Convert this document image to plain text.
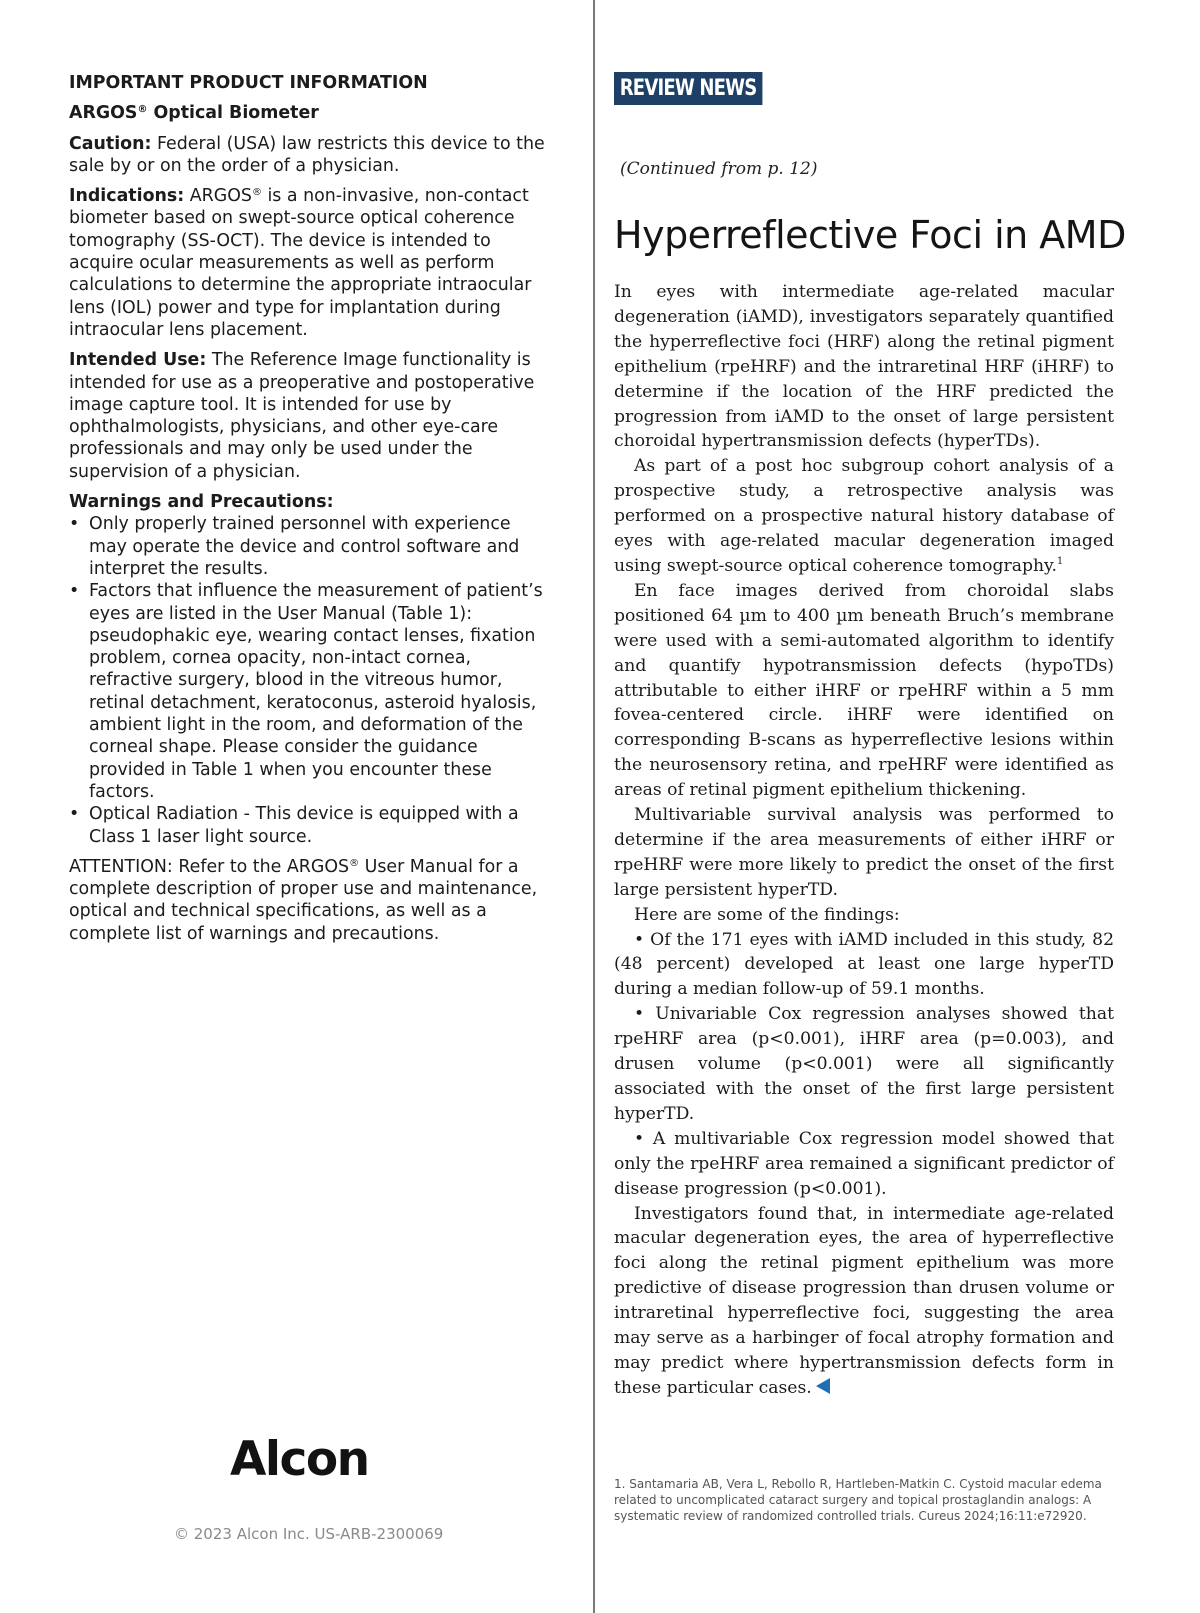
IMPORTANT PRODUCT INFORMATION

ARGOS® Optical Biometer

Caution: Federal (USA) law restricts this device to the sale by or on the order of a physician.

Indications: ARGOS® is a non-invasive, non-contact biometer based on swept-source optical coherence tomography (SS-OCT). The device is intended to acquire ocular measurements as well as perform calculations to determine the appropriate intraocular lens (IOL) power and type for implantation during intraocular lens placement.

Intended Use: The Reference Image functionality is intended for use as a preoperative and postoperative image capture tool. It is intended for use by ophthalmologists, physicians, and other eye-care professionals and may only be used under the supervision of a physician.

Warnings and Precautions:

• Only properly trained personnel with experience may operate the device and control software and interpret the results.
• Factors that influence the measurement of patient’s eyes are listed in the User Manual (Table 1): pseudophakic eye, wearing contact lenses, fixation problem, cornea opacity, non-intact cornea, refractive surgery, blood in the vitreous humor, retinal detachment, keratoconus, asteroid hyalosis, ambient light in the room, and deformation of the corneal shape. Please consider the guidance provided in Table 1 when you encounter these factors.
• Optical Radiation - This device is equipped with a Class 1 laser light source.

ATTENTION: Refer to the ARGOS® User Manual for a complete description of proper use and maintenance, optical and technical specifications, as well as a complete list of warnings and precautions.

Alcon
© 2023 Alcon Inc. US-ARB-2300069
REVIEW NEWS
(Continued from p. 12)
Hyperreflective Foci in AMD

In eyes with intermediate age-related macular degeneration (iAMD), investigators separately quantified the hyperreflective foci (HRF) along the retinal pigment epithelium (rpeHRF) and the intraretinal HRF (iHRF) to determine if the location of the HRF predicted the progression from iAMD to the onset of large persistent choroidal hypertransmission defects (hyperTDs).

As part of a post hoc subgroup cohort analysis of a prospective study, a retrospective analysis was performed on a prospective natural history database of eyes with age-related macular degeneration imaged using swept-source optical coherence tomography.$^1$

En face images derived from choroidal slabs positioned 64 µm to 400 µm beneath Bruch’s membrane were used with a semi-automated algorithm to identify and quantify hypotransmission defects (hypoTDs) attributable to either iHRF or rpeHRF within a 5 mm fovea-centered circle. iHRF were identified on corresponding B-scans as hyperreflective lesions within the neurosensory retina, and rpeHRF were identified as areas of retinal pigment epithelium thickening.

Multivariable survival analysis was performed to determine if the area measurements of either iHRF or rpeHRF were more likely to predict the onset of the first large persistent hyperTD.

Here are some of the findings:

• Of the 171 eyes with iAMD included in this study, 82 (48 percent) developed at least one large hyperTD during a median follow-up of 59.1 months.

• Univariable Cox regression analyses showed that rpeHRF area (p<0.001), iHRF area (p=0.003), and drusen volume (p<0.001) were all significantly associated with the onset of the first large persistent hyperTD.

• A multivariable Cox regression model showed that only the rpeHRF area remained a significant predictor of disease progression (p<0.001).

Investigators found that, in intermediate age-related macular degeneration eyes, the area of hyperreflective foci along the retinal pigment epithelium was more predictive of disease progression than drusen volume or intraretinal hyperreflective foci, suggesting the area may serve as a harbinger of focal atrophy formation and may predict where hypertransmission defects form in these particular cases.

1. Santamaria AB, Vera L, Rebollo R, Hartleben-Matkin C. Cystoid macular edema related to uncomplicated cataract surgery and topical prostaglandin analogs: A systematic review of randomized controlled trials. Cureus 2024;16:11:e72920.
